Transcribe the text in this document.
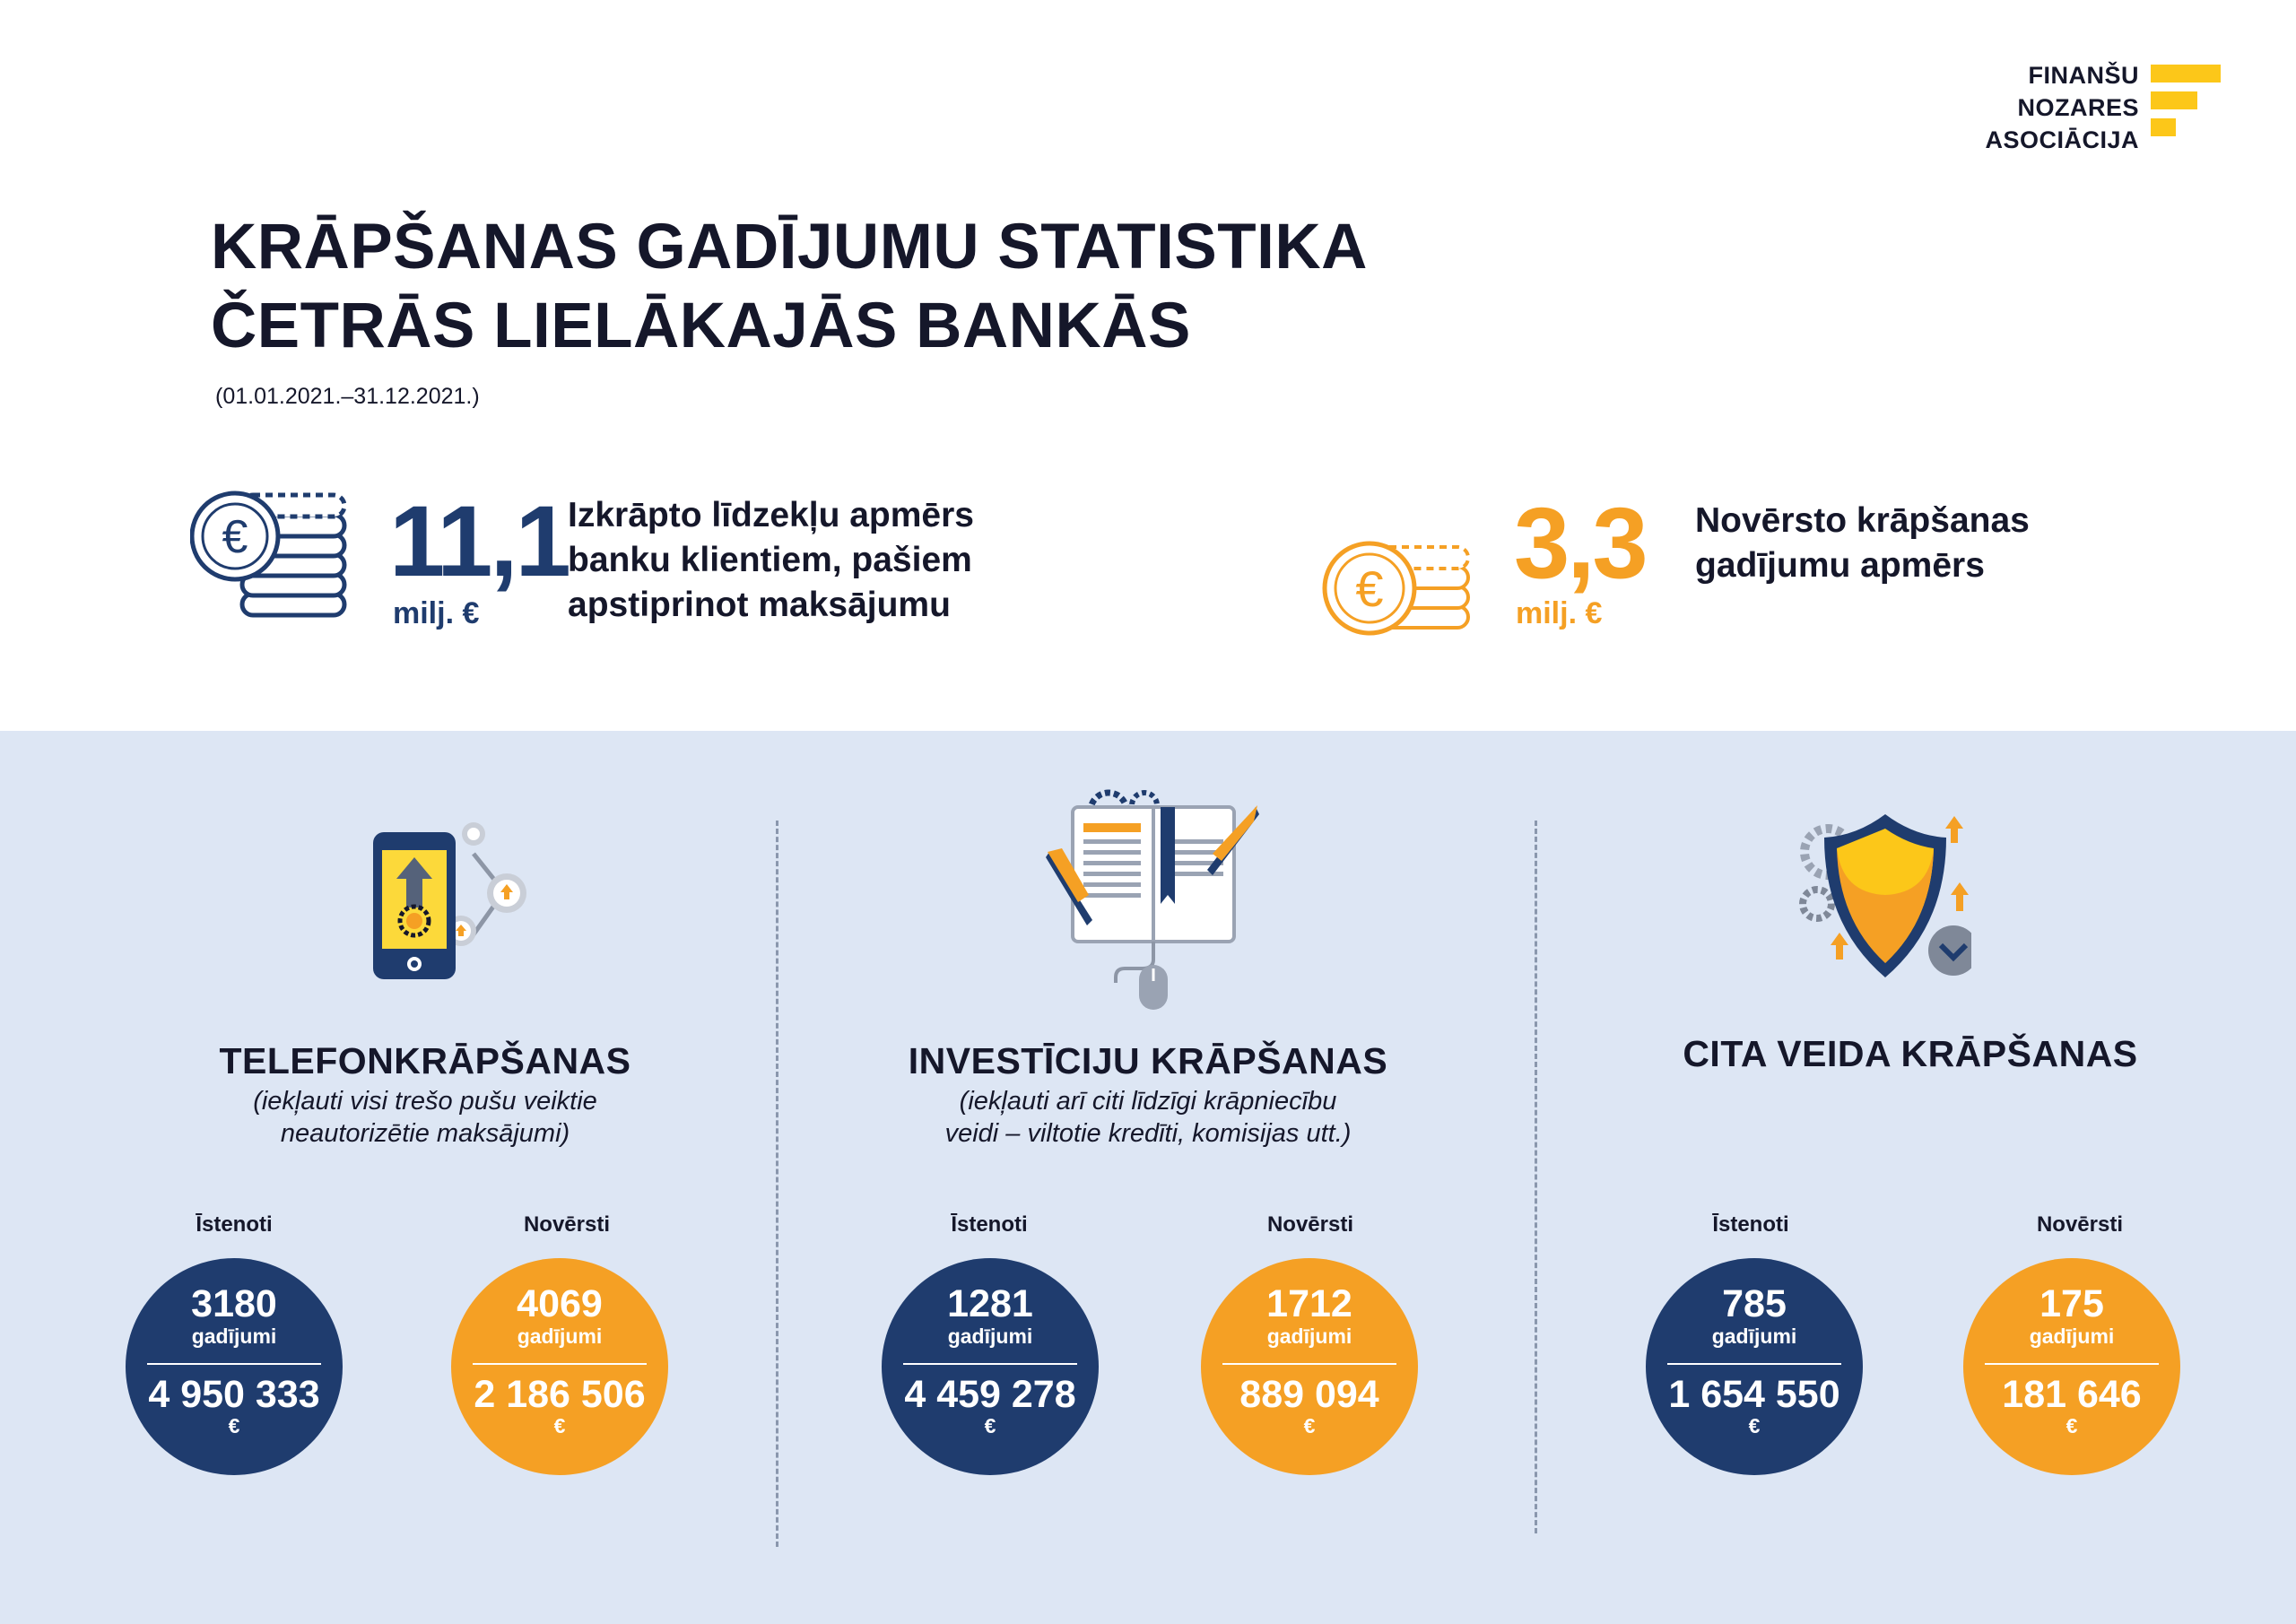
FINANŠU
NOZARES
ASOCIĀCIJA
KRĀPŠANAS GADĪJUMU STATISTIKA
ČETRĀS LIELĀKAJĀS BANKĀS
(01.01.2021.–31.12.2021.)
€ 11,1
milj. €
Izkrāpto līdzekļu apmērs
banku klientiem, pašiem
apstiprinot maksājumu	€ 3,3
milj. €
Novērsto krāpšanas
gadījumu apmērs
TELEFONKRĀPŠANAS
(iekļauti visi trešo pušu veiktie
neautorizētie maksājumi)
Īstenoti	Novērsti
3180
gadījumi
4 950 333
€
4069
gadījumi
2 186 506
€
INVESTĪCIJU KRĀPŠANAS
(iekļauti arī citi līdzīgi krāpniecību
veidi – viltotie kredīti, komisijas utt.)
Īstenoti	Novērsti
1281
gadījumi
4 459 278
€
1712
gadījumi
889 094
€
CITA VEIDA KRĀPŠANAS
Īstenoti	Novērsti
785
gadījumi
1 654 550
€
175
gadījumi
181 646
€
